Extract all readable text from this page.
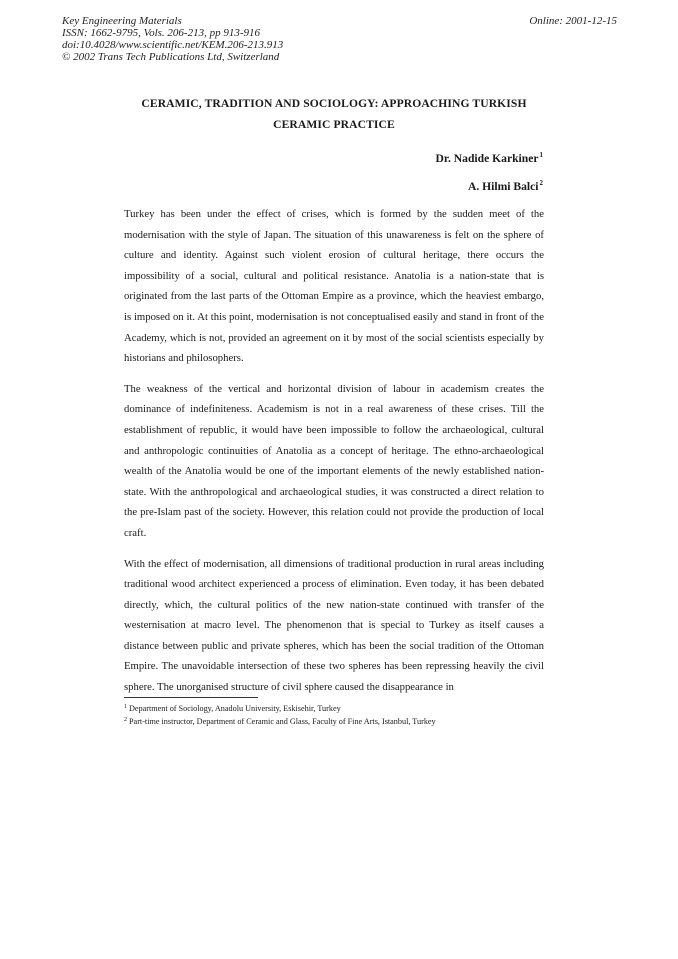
Key Engineering Materials
ISSN: 1662-9795, Vols. 206-213, pp 913-916
doi:10.4028/www.scientific.net/KEM.206-213.913
© 2002 Trans Tech Publications Ltd, Switzerland
Online: 2001-12-15
CERAMIC, TRADITION AND SOCIOLOGY: APPROACHING TURKISH
CERAMIC PRACTICE
Dr. Nadide Karkiner$^1$
A. Hilmi Balci$^2$

Turkey has been under the effect of crises, which is formed by the sudden meet of the modernisation with the style of Japan. The situation of this unawareness is felt on the sphere of culture and identity. Against such violent erosion of cultural heritage, there occurs the impossibility of a social, cultural and political resistance. Anatolia is a nation-state that is originated from the last parts of the Ottoman Empire as a province, which the heaviest embargo, is imposed on it. At this point, modernisation is not conceptualised easily and stand in front of the Academy, which is not, provided an agreement on it by most of the social scientists especially by historians and philosophers.

The weakness of the vertical and horizontal division of labour in academism creates the dominance of indefiniteness. Academism is not in a real awareness of these crises. Till the establishment of republic, it would have been impossible to follow the archaeological, cultural and anthropologic continuities of Anatolia as a concept of heritage. The ethno-archaeological wealth of the Anatolia would be one of the important elements of the newly established nation-state. With the anthropological and archaeological studies, it was constructed a direct relation to the pre-Islam past of the society. However, this relation could not provide the production of local craft.

With the effect of modernisation, all dimensions of traditional production in rural areas including traditional wood architect experienced a process of elimination. Even today, it has been debated directly, which, the cultural politics of the new nation-state continued with transfer of the westernisation at macro level. The phenomenon that is special to Turkey as itself causes a distance between public and private spheres, which has been the social tradition of the Ottoman Empire. The unavoidable intersection of these two spheres has been repressing heavily the civil sphere. The unorganised structure of civil sphere caused the disappearance in

$^1$ Department of Sociology, Anadolu University, Eskisehir, Turkey
$^2$ Part-time instructor, Department of Ceramic and Glass, Faculty of Fine Arts, Istanbul, Turkey
